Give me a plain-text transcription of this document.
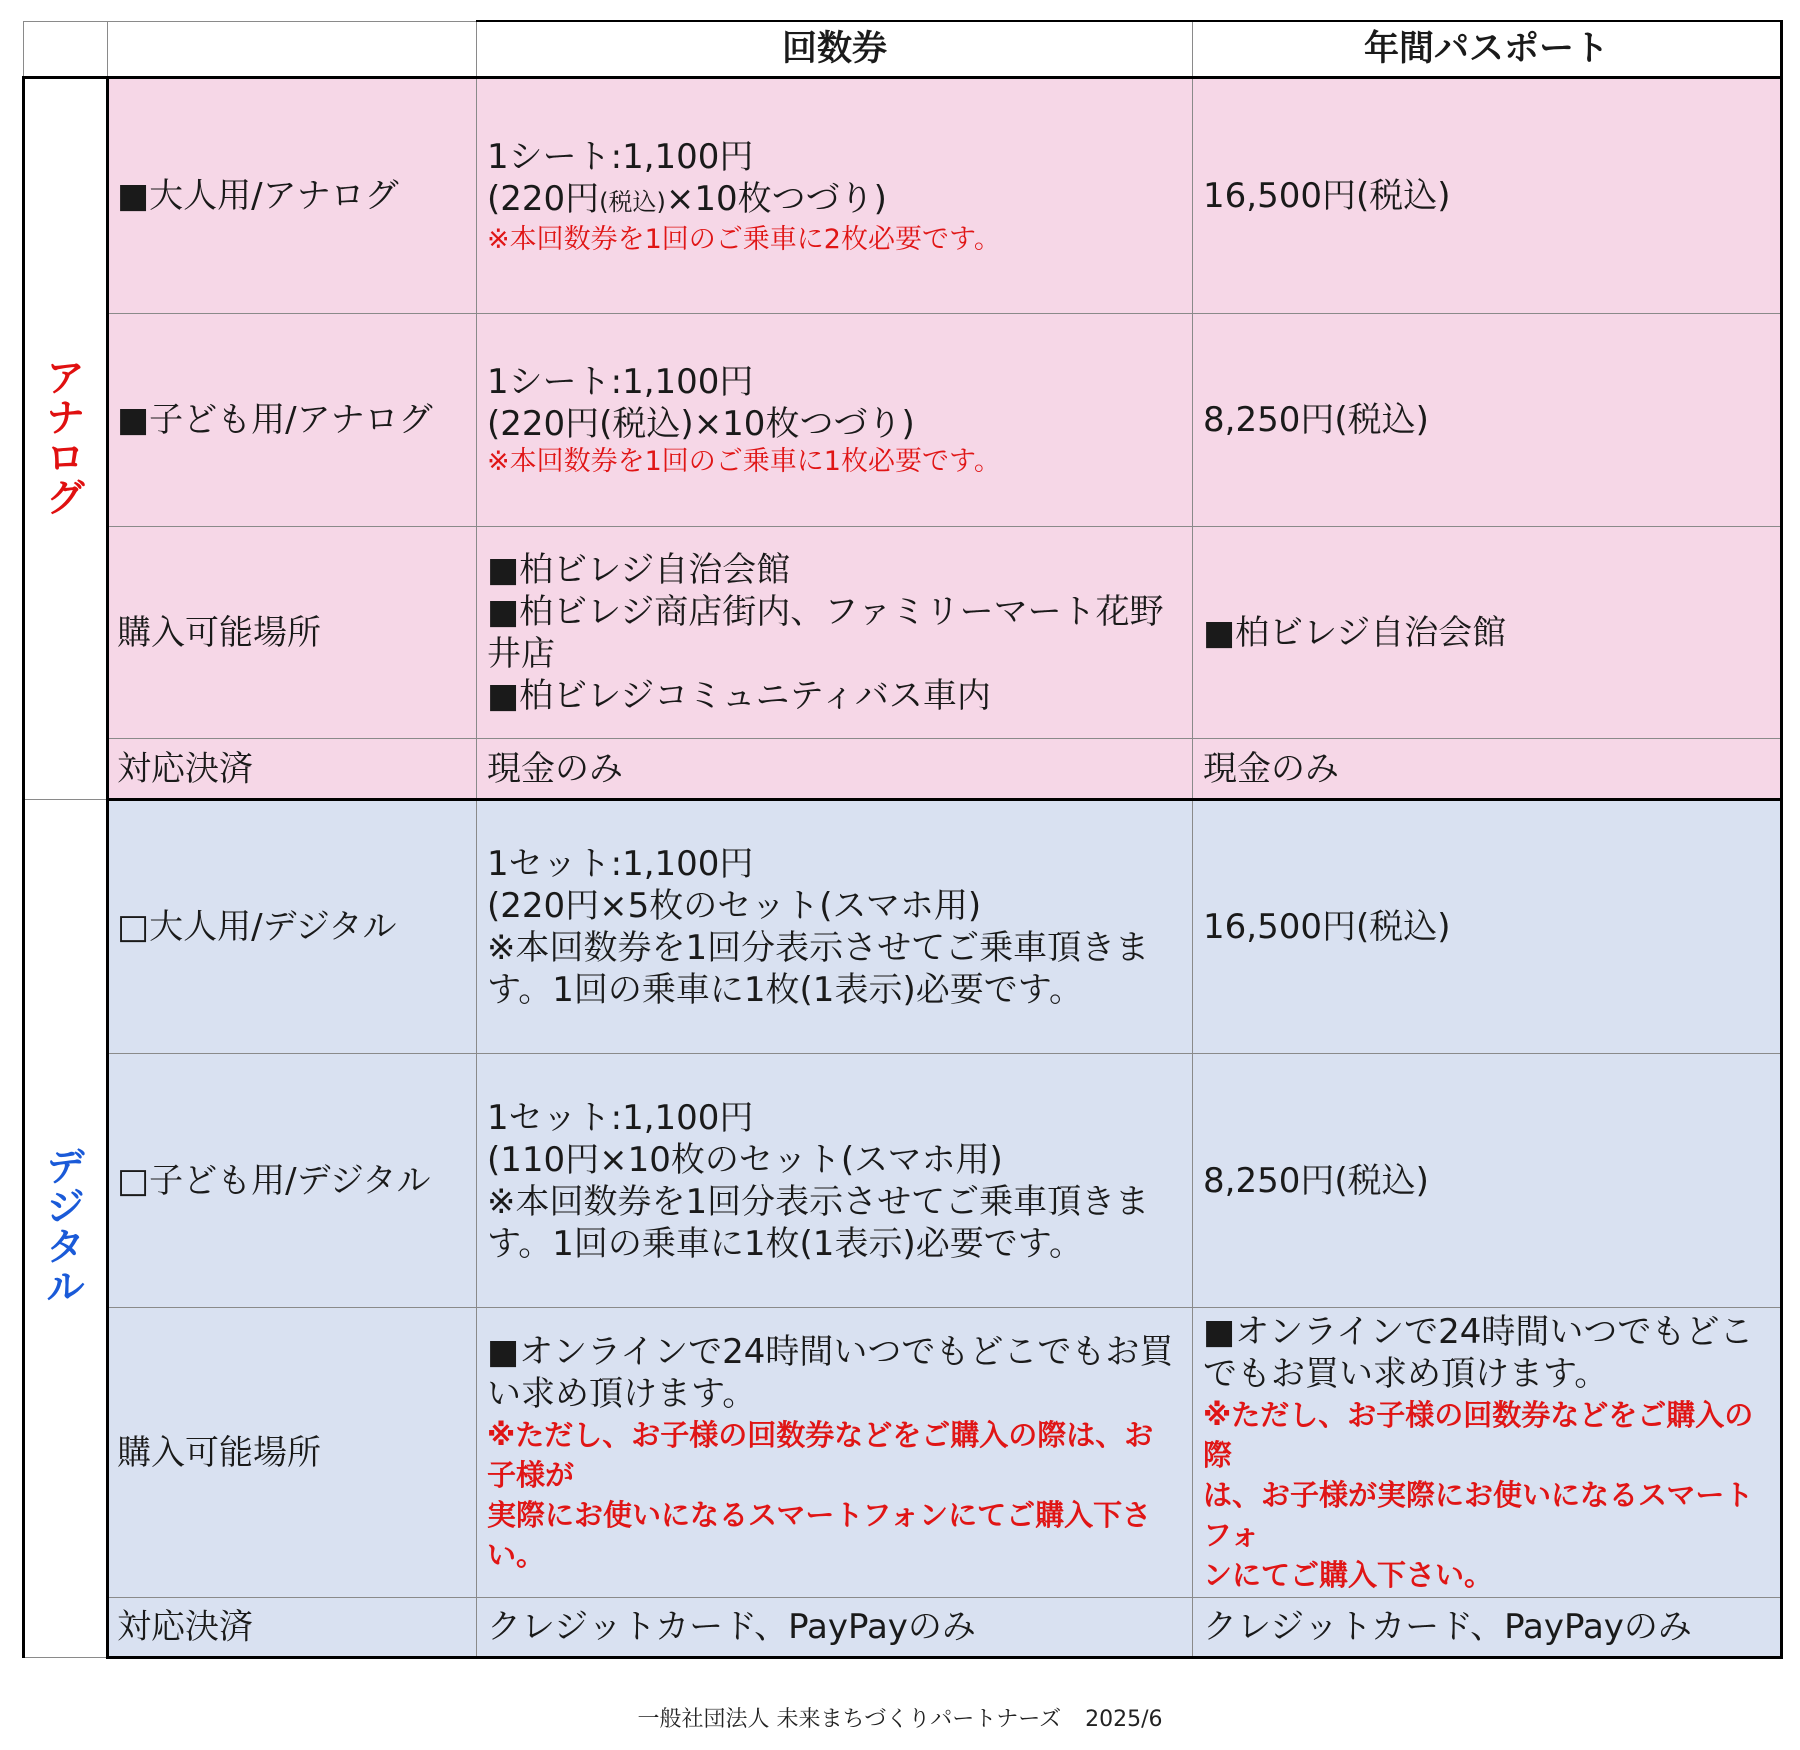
		回数券	年間パスポート
アナログ	■大人用/アナログ	1シート:1,100円
(220円(税込)×10枚つづり)
※本回数券を1回のご乗車に2枚必要です。	16,500円(税込)
	■子ども用/アナログ	1シート:1,100円
(220円(税込)×10枚つづり)
※本回数券を1回のご乗車に1枚必要です。	8,250円(税込)
	購入可能場所	■柏ビレジ自治会館
■柏ビレジ商店街内、ファミリーマート花野井店
■柏ビレジコミュニティバス車内	■柏ビレジ自治会館
	対応決済	現金のみ	現金のみ
デジタル	□大人用/デジタル	1セット:1,100円
(220円×5枚のセット(スマホ用)
※本回数券を1回分表示させてご乗車頂きま
す。1回の乗車に1枚(1表示)必要です。	16,500円(税込)
	□子ども用/デジタル	1セット:1,100円
(110円×10枚のセット(スマホ用)
※本回数券を1回分表示させてご乗車頂きま
す。1回の乗車に1枚(1表示)必要です。	8,250円(税込)
	購入可能場所	■オンラインで24時間いつでもどこでもお買
い求め頂けます。
※ただし、お子様の回数券などをご購入の際は、お子様が
実際にお使いになるスマートフォンにてご購入下さい。	■オンラインで24時間いつでもどこ
でもお買い求め頂けます。
※ただし、お子様の回数券などをご購入の際
は、お子様が実際にお使いになるスマートフォ
ンにてご購入下さい。

	対応決済	クレジットカード、PayPayのみ	クレジットカード、PayPayのみ
一般社団法人 未来まちづくりパートナーズ 2025/6
